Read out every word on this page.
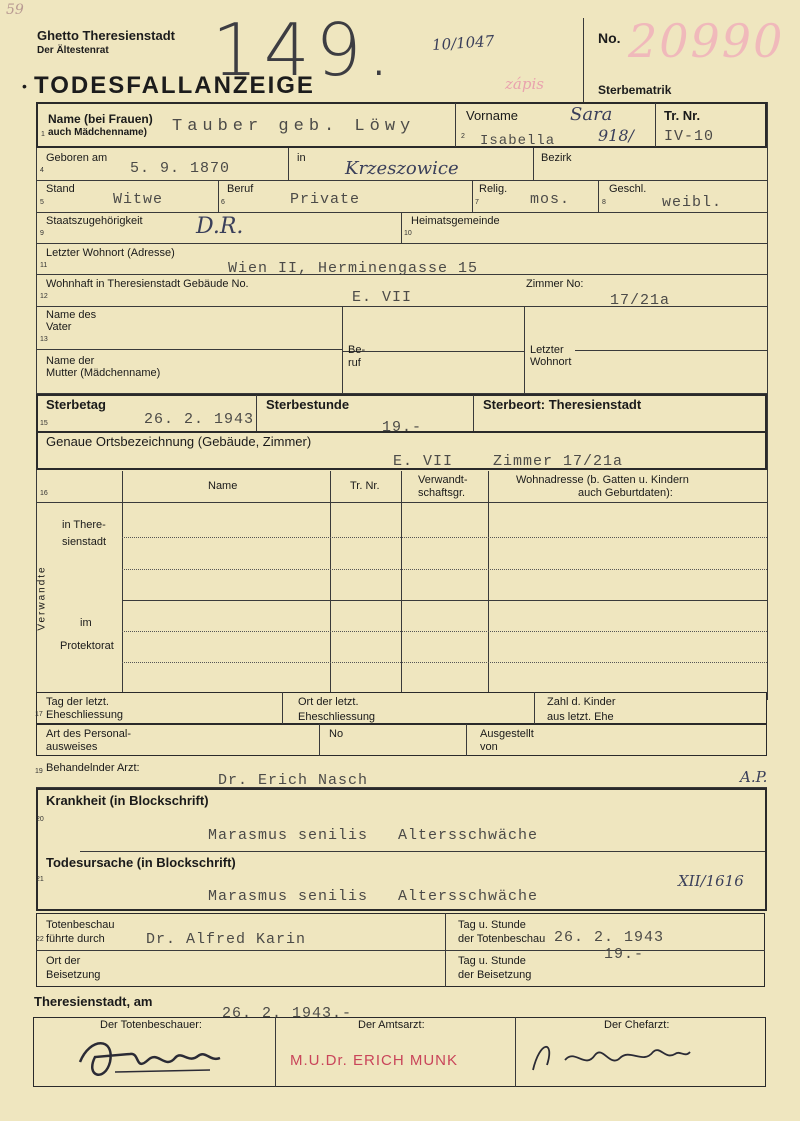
59
Ghetto Theresienstadt
Der Ältestenrat
TODESFALLANZEIGE
•	149. 10/1047
zápis
No. 20990
Sterbematrik
Name (bei Frauen)
auch Mädchenname)
1	Tauber geb. Löwy
Vorname
2
Sara
Isabella	918/
Tr. Nr.
IV-10
Geboren am
4	5. 9. 1870
in Krzeszowice	Bezirk
Stand
5	Witwe
Beruf
6	Private
Relig.
7	mos.
Geschl.
8	weibl.
Staatszugehörigkeit
9	D.R.	Heimatsgemeinde
10
Letzter Wohnort (Adresse)
11	Wien II, Herminengasse 15
Wohnhaft in Theresienstadt Gebäude No.
12	E. VII
Zimmer No:
17/21a
Name des
Vater
13
Be-
ruf
Name der
Mutter (Mädchenname)
Letzter
Wohnort
Sterbetag
15	26. 2. 1943
Sterbestunde
19.-
Sterbeort: Theresienstadt
Genaue Ortsbezeichnung (Gebäude, Zimmer)
E. VII    Zimmer 17/21a
16
Name	Tr. Nr.	Verwandt-
schaftsgr.
Wohnadresse (b. Gatten u. Kindern
auch Geburtdaten):
Verwandte
in There-
sienstadt
im
Protektorat
Tag der letzt.
Eheschliessung
17
Ort der letzt.
Eheschliessung
Zahl d. Kinder
aus letzt. Ehe
Art des Personal-
ausweises
No	Ausgestellt
von
Behandelnder Arzt:
19
Dr. Erich Nasch	A.P.
Krankheit (in Blockschrift)
20
Marasmus senilis   Altersschwäche
Todesursache (in Blockschrift)
21
Marasmus senilis   Altersschwäche
XII/1616
Totenbeschau
führte durch
22	Dr. Alfred Karin
Tag u. Stunde
der Totenbeschau 26. 2. 1943
Ort der
Beisetzung
Tag u. Stunde
der Beisetzung
19.-
Theresienstadt, am
26. 2. 1943.-
Der Totenbeschauer:	Der Amtsarzt:	Der Chefarzt:
M.U.Dr. ERICH MUNK
